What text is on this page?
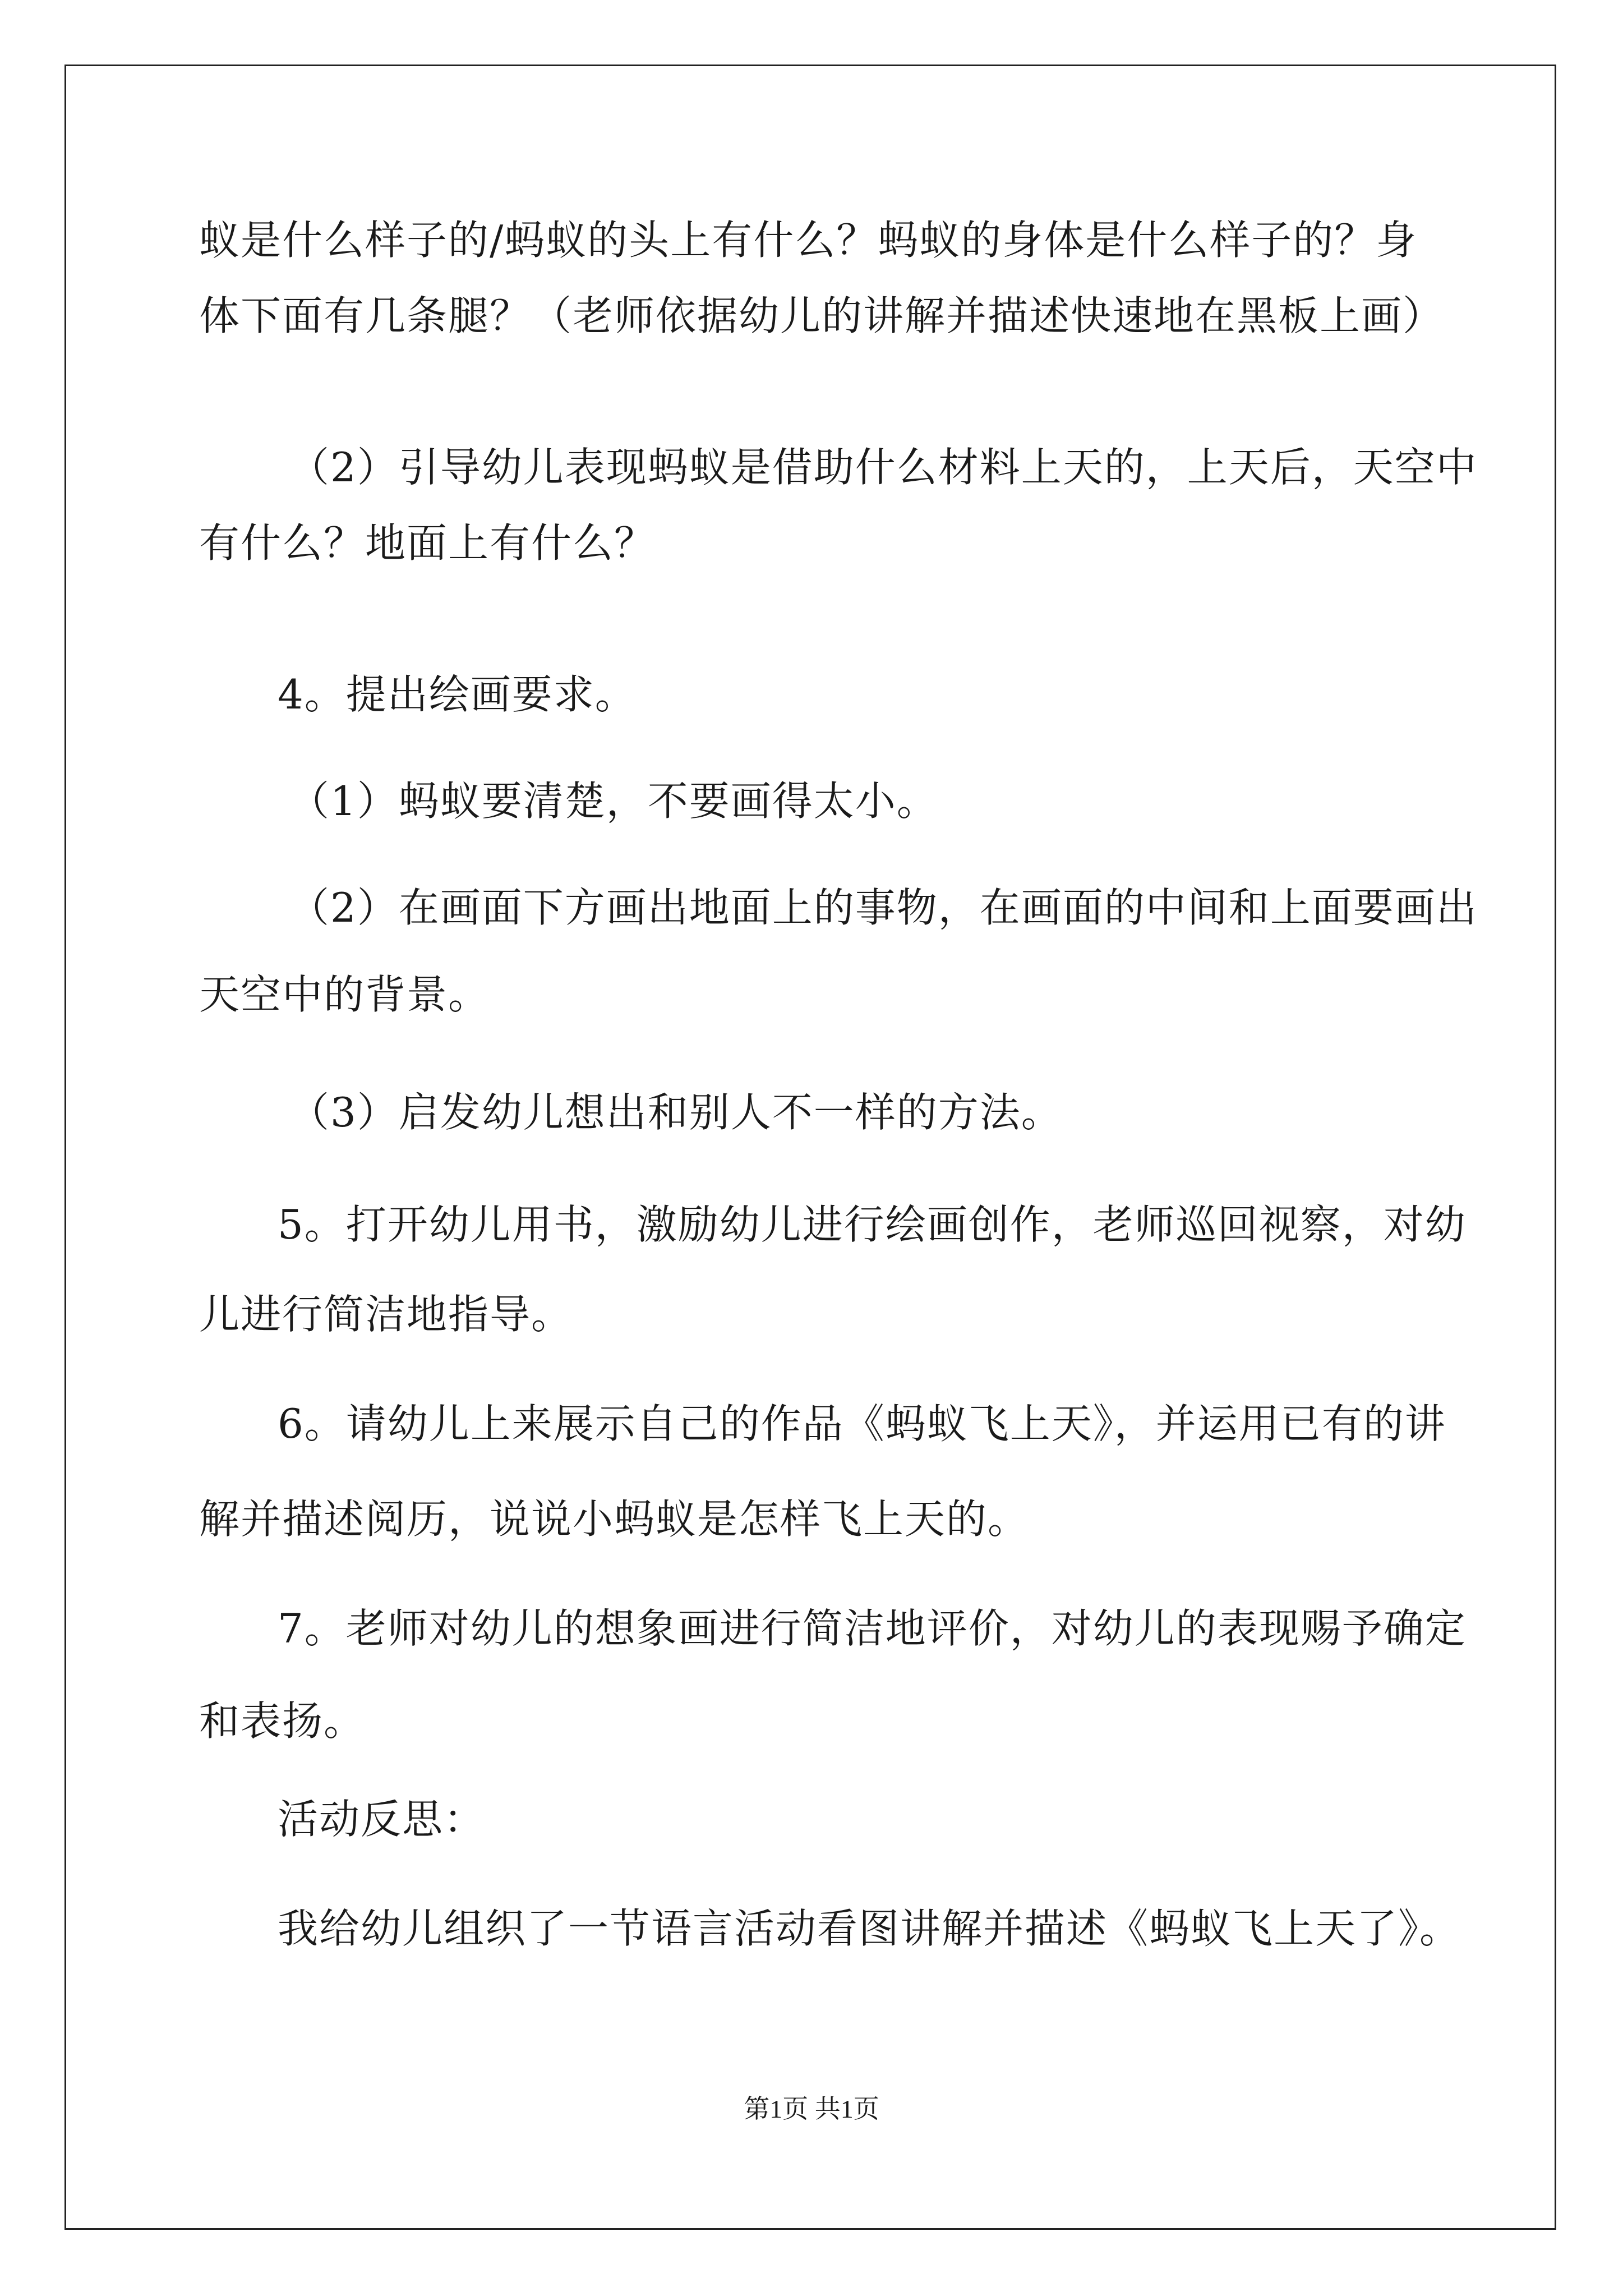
蚁是什么样子的/蚂蚁的头上有什么？蚂蚁的身体是什么样子的？身
体下面有几条腿？（老师依据幼儿的讲解并描述快速地在黑板上画）
（2）引导幼儿表现蚂蚁是借助什么材料上天的，上天后，天空中
有什么？地面上有什么？
4。提出绘画要求。
（1）蚂蚁要清楚，不要画得太小。
（2）在画面下方画出地面上的事物，在画面的中间和上面要画出
天空中的背景。
（3）启发幼儿想出和别人不一样的方法。
5。打开幼儿用书，激励幼儿进行绘画创作，老师巡回视察，对幼
儿进行简洁地指导。
6。请幼儿上来展示自己的作品《蚂蚁飞上天》，并运用已有的讲
解并描述阅历，说说小蚂蚁是怎样飞上天的。
7。老师对幼儿的想象画进行简洁地评价，对幼儿的表现赐予确定
和表扬。
活动反思：
我给幼儿组织了一节语言活动看图讲解并描述《蚂蚁飞上天了》。
第1页 共1页
